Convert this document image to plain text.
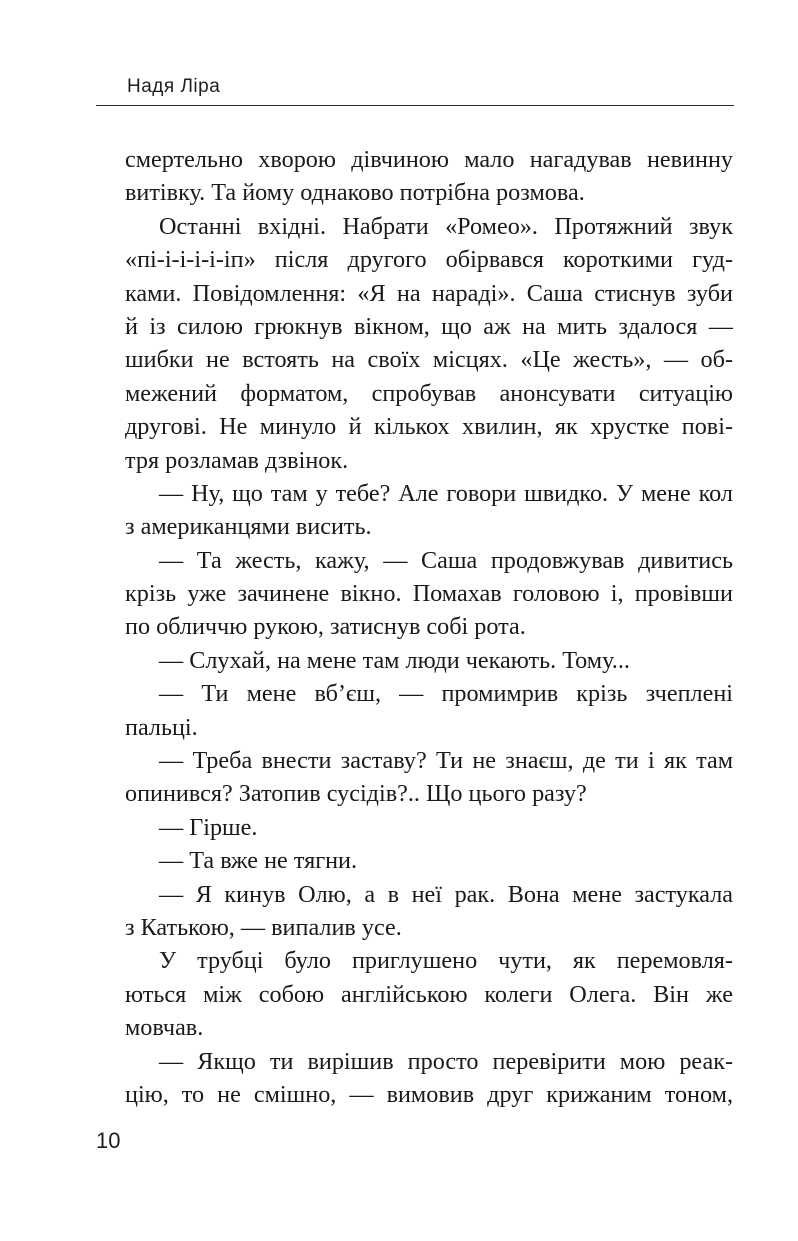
Надя Ліра
смертельно хворою дівчиною мало нагадував невинну
витівку. Та йому однаково потрібна розмова.
Останні вхідні. Набрати «Ромео». Протяжний звук
«пі-і-і-і-і-іп» після другого обірвався короткими гуд-
ками. Повідомлення: «Я на нараді». Саша стиснув зуби
й із силою грюкнув вікном, що аж на мить здалося —
шибки не встоять на своїх місцях. «Це жесть», — об-
межений форматом, спробував анонсувати ситуацію
другові. Не минуло й кількох хвилин, як хрустке пові-
тря розламав дзвінок.
— Ну, що там у тебе? Але говори швидко. У мене кол
з американцями висить.
— Та жесть, кажу, — Саша продовжував дивитись
крізь уже зачинене вікно. Помахав головою і, провівши
по обличчю рукою, затиснув собі рота.
— Слухай, на мене там люди чекають. Тому...
— Ти мене вб’єш, — промимрив крізь зчеплені
пальці.
— Треба внести заставу? Ти не знаєш, де ти і як там
опинився? Затопив сусідів?.. Що цього разу?
— Гірше.
— Та вже не тягни.
— Я кинув Олю, а в неї рак. Вона мене застукала
з Катькою, — випалив усе.
У трубці було приглушено чути, як перемовля-
ються між собою англійською колеги Олега. Він же
мовчав.
— Якщо ти вирішив просто перевірити мою реак-
цію, то не смішно, — вимовив друг крижаним тоном,
10
